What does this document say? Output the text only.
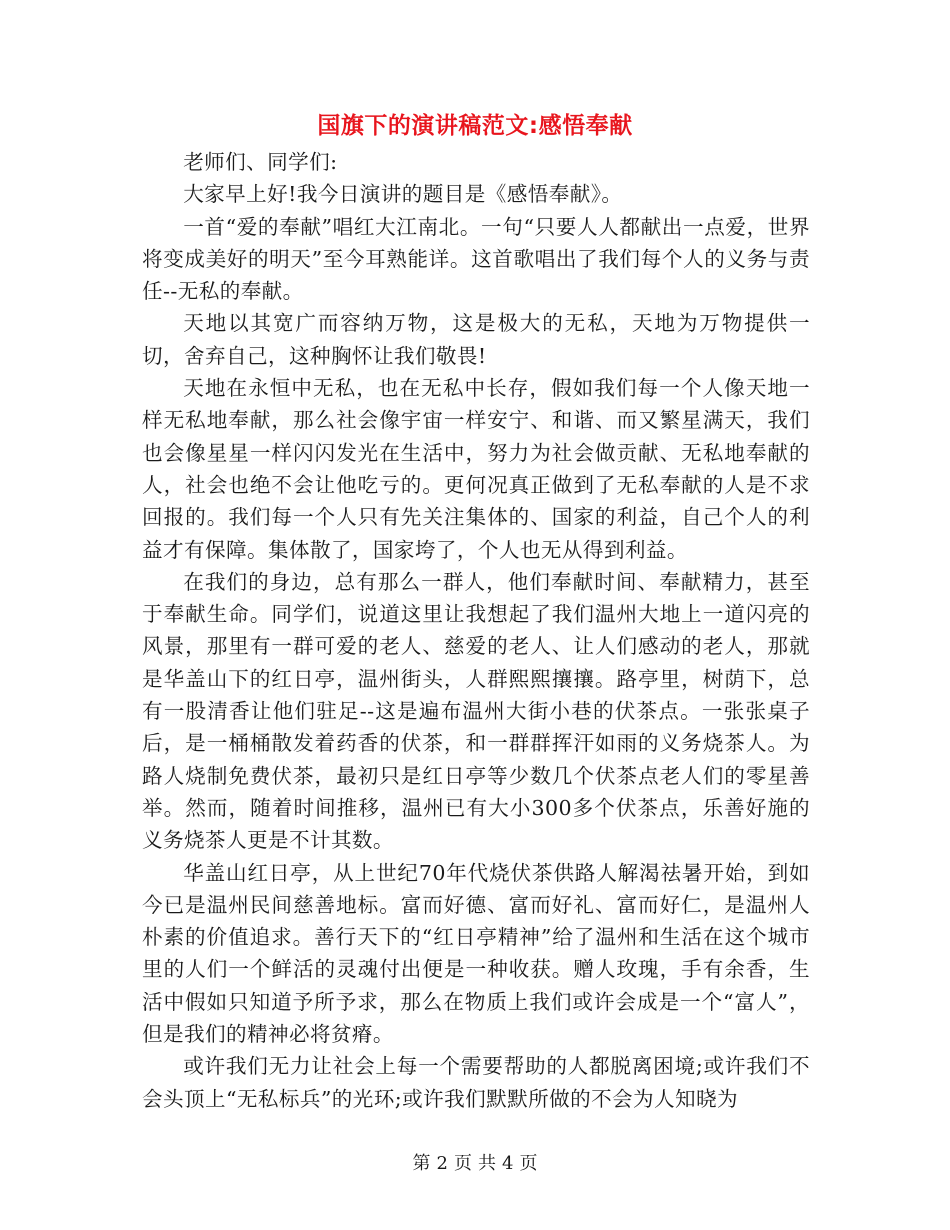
国旗下的演讲稿范文:感悟奉献

老师们、同学们:

大家早上好!我今日演讲的题目是《感悟奉献》。

一首“爱的奉献”唱红大江南北。一句“只要人人都献出一点爱，世界将变成美好的明天”至今耳熟能详。这首歌唱出了我们每个人的义务与责任--无私的奉献。

天地以其宽广而容纳万物，这是极大的无私，天地为万物提供一切，舍弃自己，这种胸怀让我们敬畏!

天地在永恒中无私，也在无私中长存，假如我们每一个人像天地一样无私地奉献，那么社会像宇宙一样安宁、和谐、而又繁星满天，我们也会像星星一样闪闪发光在生活中，努力为社会做贡献、无私地奉献的人，社会也绝不会让他吃亏的。更何况真正做到了无私奉献的人是不求回报的。我们每一个人只有先关注集体的、国家的利益，自己个人的利益才有保障。集体散了，国家垮了，个人也无从得到利益。

在我们的身边，总有那么一群人，他们奉献时间、奉献精力，甚至于奉献生命。同学们，说道这里让我想起了我们温州大地上一道闪亮的风景，那里有一群可爱的老人、慈爱的老人、让人们感动的老人，那就是华盖山下的红日亭，温州街头，人群熙熙攘攘。路亭里，树荫下，总有一股清香让他们驻足--这是遍布温州大街小巷的伏茶点。一张张桌子后，是一桶桶散发着药香的伏茶，和一群群挥汗如雨的义务烧茶人。为路人烧制免费伏茶，最初只是红日亭等少数几个伏茶点老人们的零星善举。然而，随着时间推移，温州已有大小300多个伏茶点，乐善好施的义务烧茶人更是不计其数。

华盖山红日亭，从上世纪70年代烧伏茶供路人解渴祛暑开始，到如今已是温州民间慈善地标。富而好德、富而好礼、富而好仁，是温州人朴素的价值追求。善行天下的“红日亭精神”给了温州和生活在这个城市里的人们一个鲜活的灵魂付出便是一种收获。赠人玫瑰，手有余香，生活中假如只知道予所予求，那么在物质上我们或许会成是一个“富人”，但是我们的精神必将贫瘠。

或许我们无力让社会上每一个需要帮助的人都脱离困境;或许我们不会头顶上“无私标兵”的光环;或许我们默默所做的不会为人知晓为

第 2 页 共 4 页
